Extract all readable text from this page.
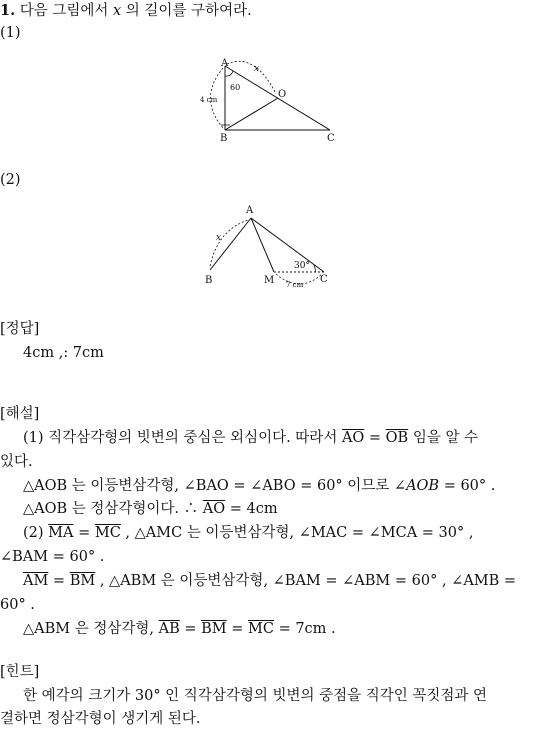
1. 다음 그림에서 x 의 길이를 구하여라.
(1)
A
O
B	C
x
60
4 cm
(2)
A
B	M	C
x
30°
7 cm
[정답]
4cm ,: 7cm
[해설]
(1) 직각삼각형의 빗변의 중심은 외심이다. 따라서 $\overline{AO} = \overline{OB}$ 임을 알 수
있다.
△AOB 는 이등변삼각형, ∠BAO = ∠ABO = 60° 이므로 ∠AOB = 60° .
△AOB 는 정삼각형이다. ∴ $\overline{AO} = 4cm$
(2) $\overline{MA} = \overline{MC}$ , △AMC 는 이등변삼각형, ∠MAC = ∠MCA = 30° ,
∠BAM = 60° .
$\overline{AM} = \overline{BM}$ , △ABM 은 이등변삼각형, ∠BAM = ∠ABM = 60° , ∠AMB =
60° .
△ABM 은 정삼각형, $\overline{AB} = \overline{BM} = \overline{MC} = 7cm$ .
[힌트]
한 예각의 크기가 30° 인 직각삼각형의 빗변의 중점을 직각인 꼭짓점과 연
결하면 정삼각형이 생기게 된다.
